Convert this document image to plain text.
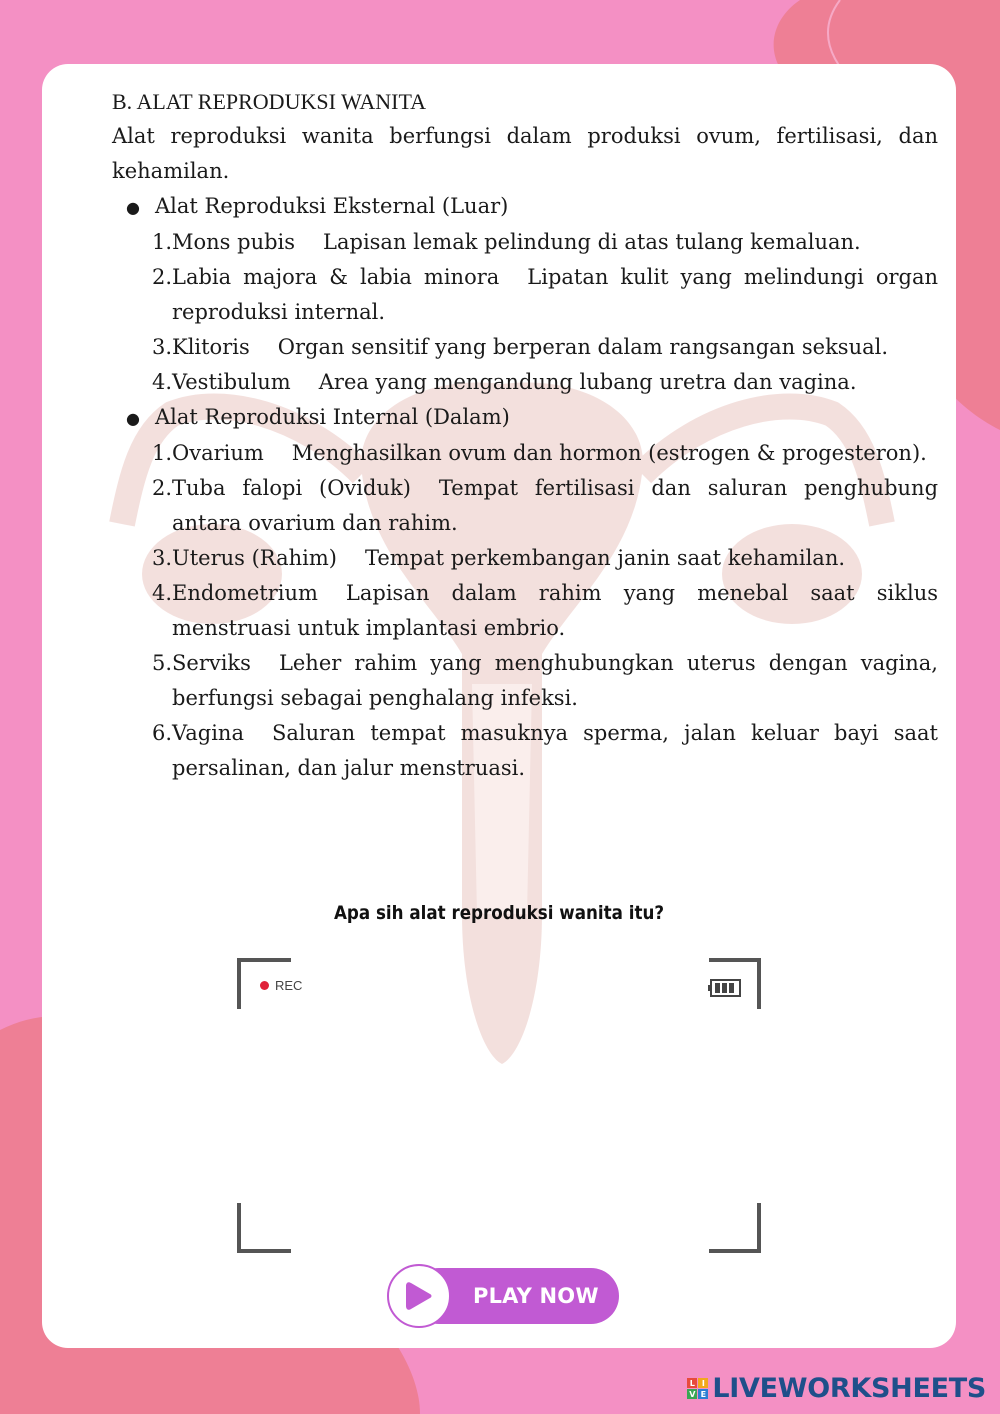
B. ALAT REPRODUKSI WANITA
Alat reproduksi wanita berfungsi dalam produksi ovum, fertilisasi, dan kehamilan.
● Alat Reproduksi Eksternal (Luar)
1. Mons pubis Lapisan lemak pelindung di atas tulang kemaluan.
2. Labia majora & labia minora Lipatan kulit yang melindungi organ reproduksi internal.
3. Klitoris Organ sensitif yang berperan dalam rangsangan seksual.
4. Vestibulum Area yang mengandung lubang uretra dan vagina.
● Alat Reproduksi Internal (Dalam)
1. Ovarium Menghasilkan ovum dan hormon (estrogen & progesteron).
2. Tuba falopi (Oviduk) Tempat fertilisasi dan saluran penghubung antara ovarium dan rahim.
3. Uterus (Rahim) Tempat perkembangan janin saat kehamilan.
4. Endometrium Lapisan dalam rahim yang menebal saat siklus menstruasi untuk implantasi embrio.
5. Serviks Leher rahim yang menghubungkan uterus dengan vagina, berfungsi sebagai penghalang infeksi.
6. Vagina Saluran tempat masuknya sperma, jalan keluar bayi saat persalinan, dan jalur menstruasi.
Apa sih alat reproduksi wanita itu?
REC
PLAY NOW
L I
V E LIVEWORKSHEETS
